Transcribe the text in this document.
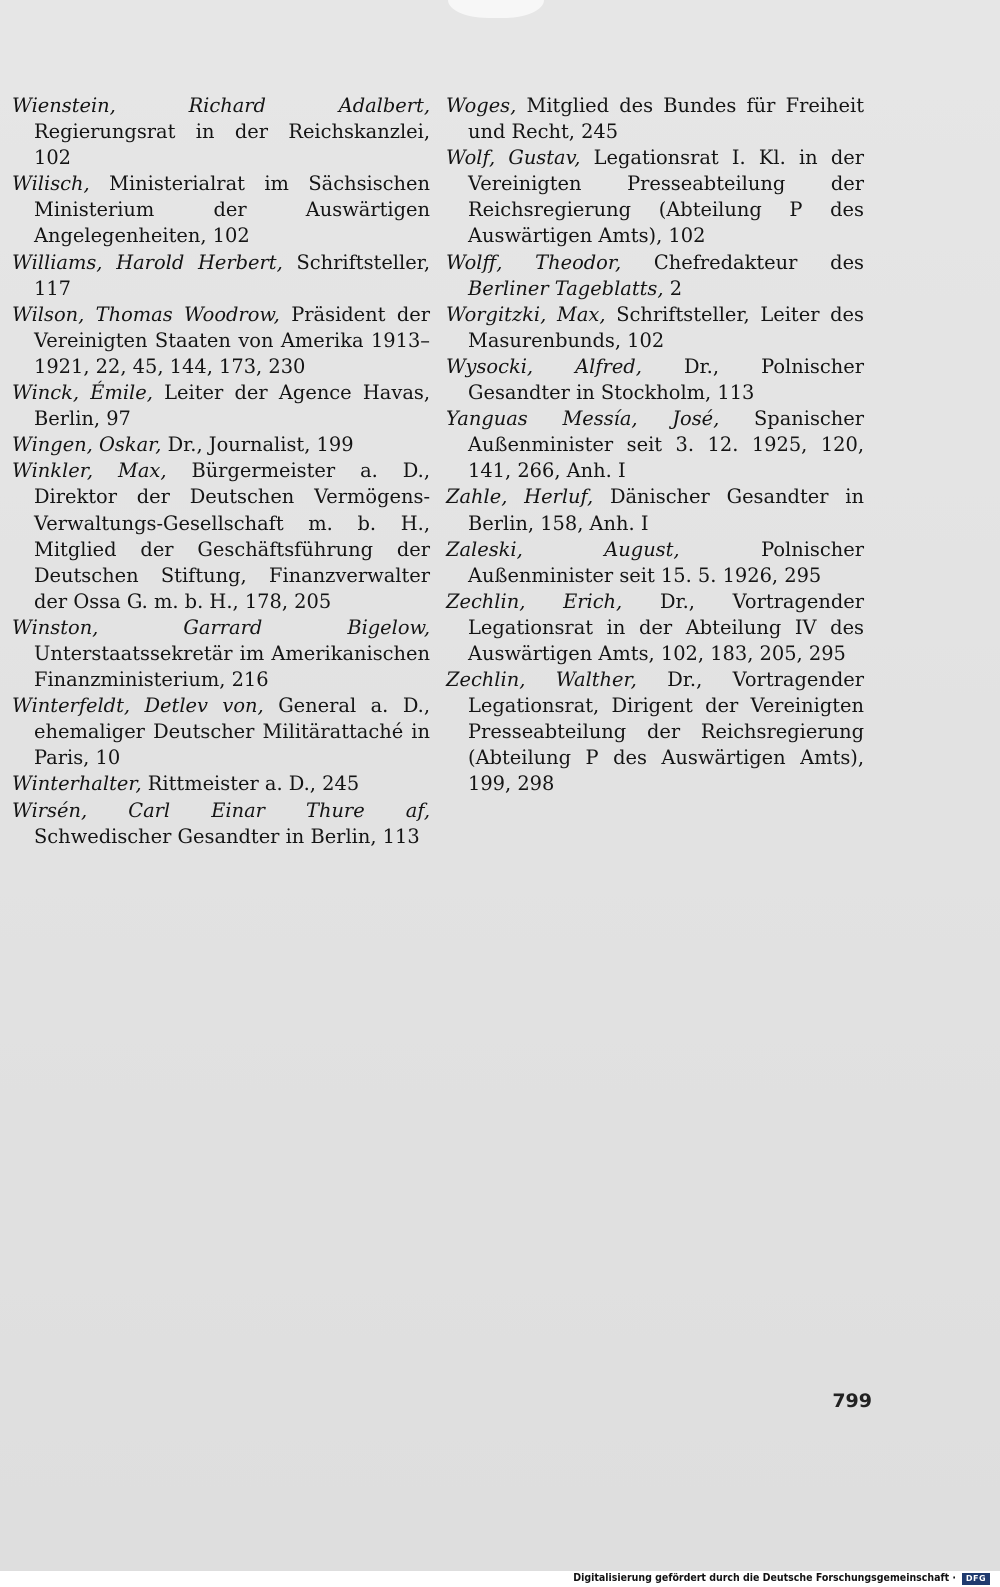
Wienstein, Richard Adalbert, Regierungsrat in der Reichskanzlei, 102

Wilisch, Ministerialrat im Sächsischen Ministerium der Auswärtigen Angelegenheiten, 102

Williams, Harold Herbert, Schriftsteller, 117

Wilson, Thomas Woodrow, Präsident der Vereinigten Staaten von Amerika 1913–1921, 22, 45, 144, 173, 230

Winck, Émile, Leiter der Agence Havas, Berlin, 97

Wingen, Oskar, Dr., Journalist, 199

Winkler, Max, Bürgermeister a. D., Direktor der Deutschen Vermögens-Verwaltungs-Gesellschaft m. b. H., Mitglied der Geschäftsführung der Deutschen Stiftung, Finanzverwalter der Ossa G. m. b. H., 178, 205

Winston, Garrard Bigelow, Unterstaatssekretär im Amerikanischen Finanzministerium, 216

Winterfeldt, Detlev von, General a. D., ehemaliger Deutscher Militärattaché in Paris, 10

Winterhalter, Rittmeister a. D., 245

Wirsén, Carl Einar Thure af, Schwedischer Gesandter in Berlin, 113

Woges, Mitglied des Bundes für Freiheit und Recht, 245

Wolf, Gustav, Legationsrat I. Kl. in der Vereinigten Presseabteilung der Reichsregierung (Abteilung P des Auswärtigen Amts), 102

Wolff, Theodor, Chefredakteur des Berliner Tageblatts, 2

Worgitzki, Max, Schriftsteller, Leiter des Masurenbunds, 102

Wysocki, Alfred, Dr., Polnischer Gesandter in Stockholm, 113

Yanguas Messía, José, Spanischer Außenminister seit 3. 12. 1925, 120, 141, 266, Anh. I

Zahle, Herluf, Dänischer Gesandter in Berlin, 158, Anh. I

Zaleski, August, Polnischer Außenminister seit 15. 5. 1926, 295

Zechlin, Erich, Dr., Vortragender Legationsrat in der Abteilung IV des Auswärtigen Amts, 102, 183, 205, 295

Zechlin, Walther, Dr., Vortragender Legationsrat, Dirigent der Vereinigten Presseabteilung der Reichsregierung (Abteilung P des Auswärtigen Amts), 199, 298

799
Digitalisierung gefördert durch die Deutsche Forschungsgemeinschaft ·	DFG
